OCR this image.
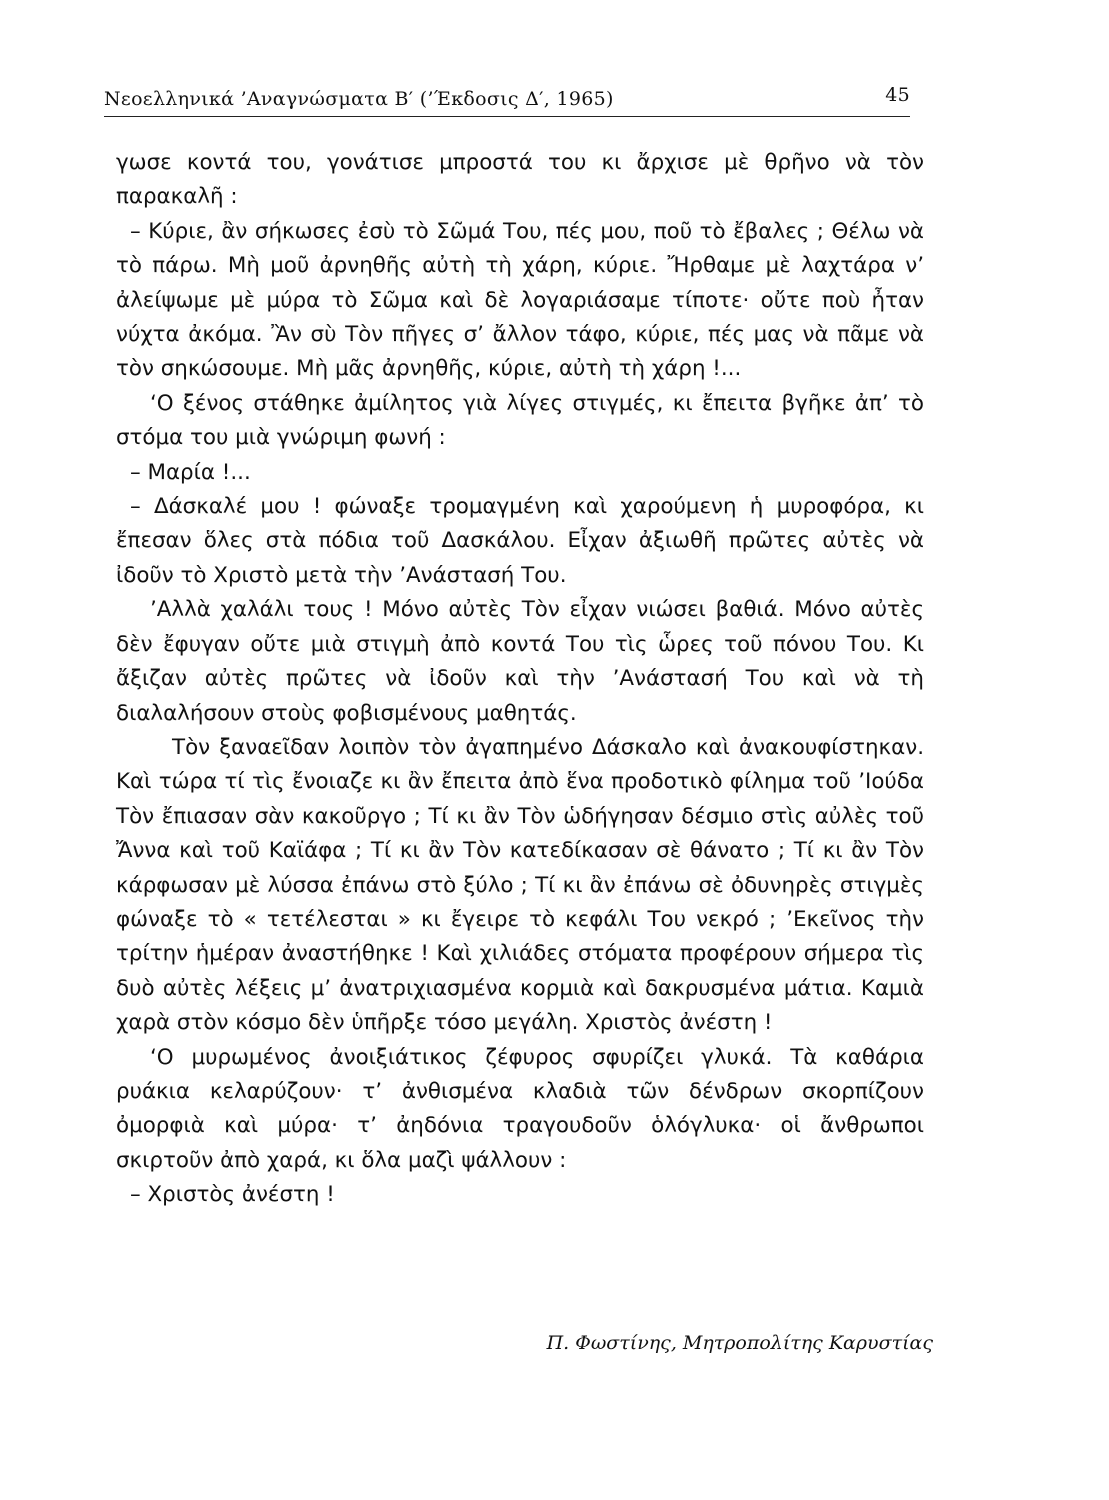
Νεοελληνικά ’Αναγνώσματα Β′ (’Έκδοσις Δ′, 1965)	45

γωσε κοντά του, γονάτισε μπροστά του κι ἄρχισε μὲ θρῆνο νὰ τὸν παρακαλῆ :

– Κύριε, ἂν σήκωσες ἐσὺ τὸ Σῶμά Του, πές μου, ποῦ τὸ ἔβαλες ; Θέλω νὰ τὸ πάρω. Μὴ μοῦ ἀρνηθῆς αὐτὴ τὴ χάρη, κύριε. Ἤρθαμε μὲ λαχτάρα ν’ ἀλείψωμε μὲ μύρα τὸ Σῶμα καὶ δὲ λογαριάσαμε τίποτε· οὔτε ποὺ ἦταν νύχτα ἀκόμα. Ἂν σὺ Τὸν πῆγες σ’ ἄλλον τάφο, κύριε, πές μας νὰ πᾶμε νὰ τὸν σηκώσουμε. Μὴ μᾶς ἀρνηθῆς, κύριε, αὐτὴ τὴ χάρη !...

‘Ο ξένος στάθηκε ἀμίλητος γιὰ λίγες στιγμές, κι ἔπειτα βγῆκε ἀπ’ τὸ στόμα του μιὰ γνώριμη φωνή :

– Μαρία !...

– Δάσκαλέ μου ! φώναξε τρομαγμένη καὶ χαρούμενη ἡ μυροφόρα, κι ἔπεσαν ὅλες στὰ πόδια τοῦ Δασκάλου. Εἶχαν ἀξιωθῆ πρῶτες αὐτὲς νὰ ἰδοῦν τὸ Χριστὸ μετὰ τὴν ’Ανάστασή Του.

’Αλλὰ χαλάλι τους ! Μόνο αὐτὲς Τὸν εἶχαν νιώσει βαθιά. Μόνο αὐτὲς δὲν ἔφυγαν οὔτε μιὰ στιγμὴ ἀπὸ κοντά Του τὶς ὧρες τοῦ πόνου Του. Κι ἄξιζαν αὐτὲς πρῶτες νὰ ἰδοῦν καὶ τὴν ’Ανάστασή Του καὶ νὰ τὴ διαλαλήσουν στοὺς φοβισμένους μαθητάς.

Τὸν ξαναεῖδαν λοιπὸν τὸν ἀγαπημένο Δάσκαλο καὶ ἀνακουφίστηκαν. Καὶ τώρα τί τὶς ἔνοιαζε κι ἂν ἔπειτα ἀπὸ ἕνα προδοτικὸ φίλημα τοῦ ’Ιούδα Τὸν ἔπιασαν σὰν κακοῦργο ; Τί κι ἂν Τὸν ὡδήγησαν δέσμιο στὶς αὐλὲς τοῦ Ἄννα καὶ τοῦ Καϊάφα ; Τί κι ἂν Τὸν κατεδίκασαν σὲ θάνατο ; Τί κι ἂν Τὸν κάρφωσαν μὲ λύσσα ἐπάνω στὸ ξύλο ; Τί κι ἂν ἐπάνω σὲ ὀδυνηρὲς στιγμὲς φώναξε τὸ « τετέλεσται » κι ἔγειρε τὸ κεφάλι Του νεκρό ; ’Εκεῖνος τὴν τρίτην ἡμέραν ἀναστήθηκε ! Καὶ χιλιάδες στόματα προφέρουν σήμερα τὶς δυὸ αὐτὲς λέξεις μ’ ἀνατριχιασμένα κορμιὰ καὶ δακρυσμένα μάτια. Καμιὰ χαρὰ στὸν κόσμο δὲν ὑπῆρξε τόσο μεγάλη. Χριστὸς ἀνέστη !

‘Ο μυρωμένος ἀνοιξιάτικος ζέφυρος σφυρίζει γλυκά. Τὰ καθάρια ρυάκια κελαρύζουν· τ’ ἀνθισμένα κλαδιὰ τῶν δένδρων σκορπίζουν ὀμορφιὰ καὶ μύρα· τ’ ἀηδόνια τραγουδοῦν ὁλόγλυκα· οἱ ἄνθρωποι σκιρτοῦν ἀπὸ χαρά, κι ὅλα μαζὶ ψάλλουν :

– Χριστὸς ἀνέστη !

Π. Φωστίνης, Μητροπολίτης Καρυστίας
